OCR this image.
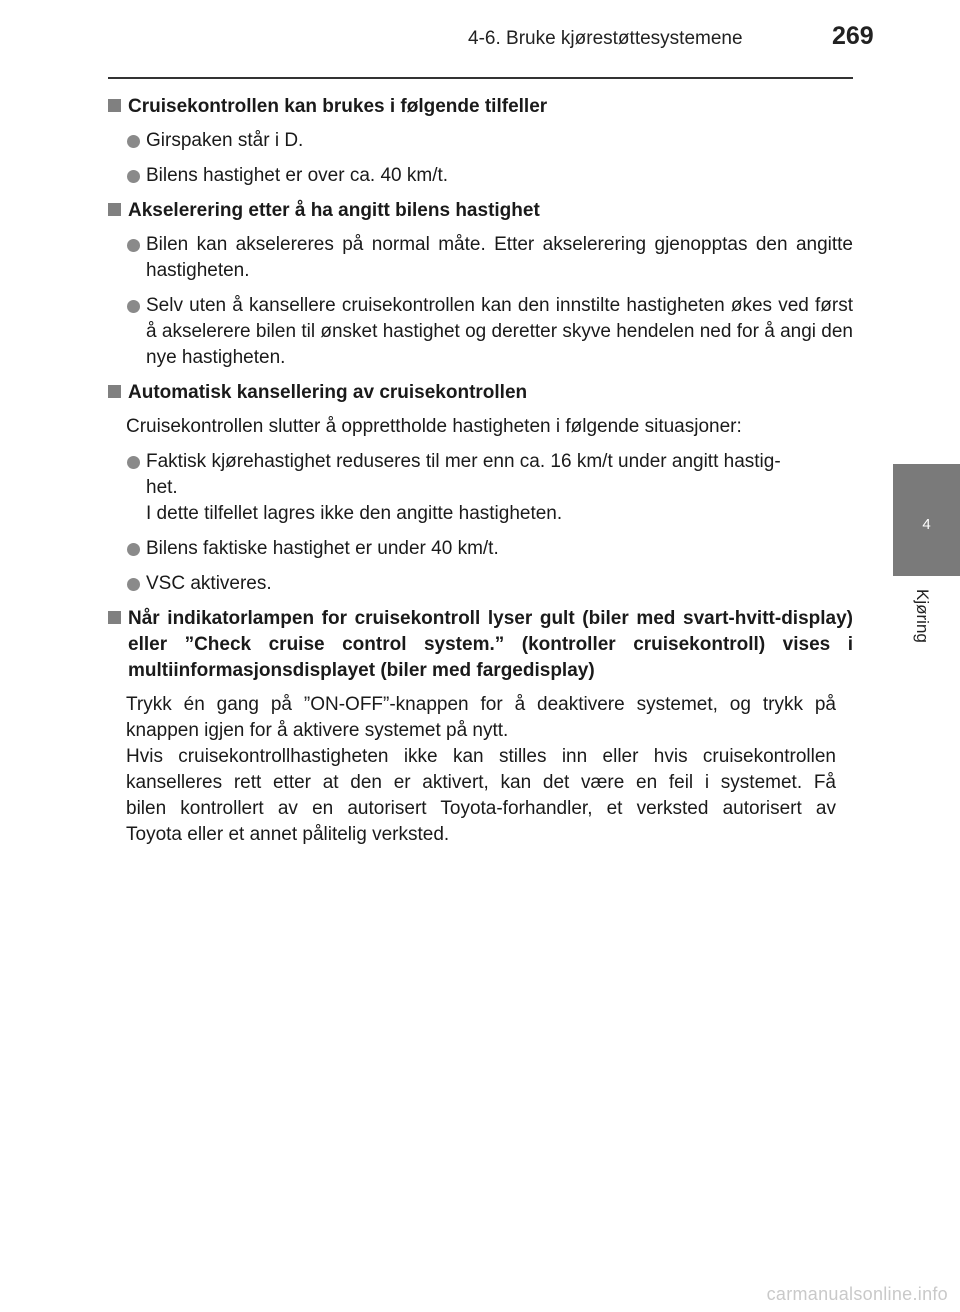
4-6. Bruke kjørestøttesystemene	269
4
Kjøring
Cruisekontrollen kan brukes i følgende tilfeller
Girspaken står i D.
Bilens hastighet er over ca. 40 km/t.
Akselerering etter å ha angitt bilens hastighet
Bilen kan akselereres på normal måte. Etter akselerering gjenopptas den angitte hastigheten.
Selv uten å kansellere cruisekontrollen kan den innstilte hastigheten økes ved først å akselerere bilen til ønsket hastighet og deretter skyve hendelen ned for å angi den nye hastigheten.
Automatisk kansellering av cruisekontrollen
Cruisekontrollen slutter å opprettholde hastigheten i følgende situasjoner:
Faktisk kjørehastighet reduseres til mer enn ca. 16 km/t under angitt hastig-
het.
I dette tilfellet lagres ikke den angitte hastigheten.
Bilens faktiske hastighet er under 40 km/t.
VSC aktiveres.
Når indikatorlampen for cruisekontroll lyser gult (biler med svart-hvitt-display) eller ”Check cruise control system.” (kontroller cruisekontroll) vises i multiinformasjonsdisplayet (biler med fargedisplay)
Trykk én gang på ”ON-OFF”-knappen for å deaktivere systemet, og trykk på
knappen igjen for å aktivere systemet på nytt.
Hvis cruisekontrollhastigheten ikke kan stilles inn eller hvis cruisekontrollen
kanselleres rett etter at den er aktivert, kan det være en feil i systemet. Få
bilen kontrollert av en autorisert Toyota-forhandler, et verksted autorisert av
Toyota eller et annet pålitelig verksted.
carmanualsonline.info
